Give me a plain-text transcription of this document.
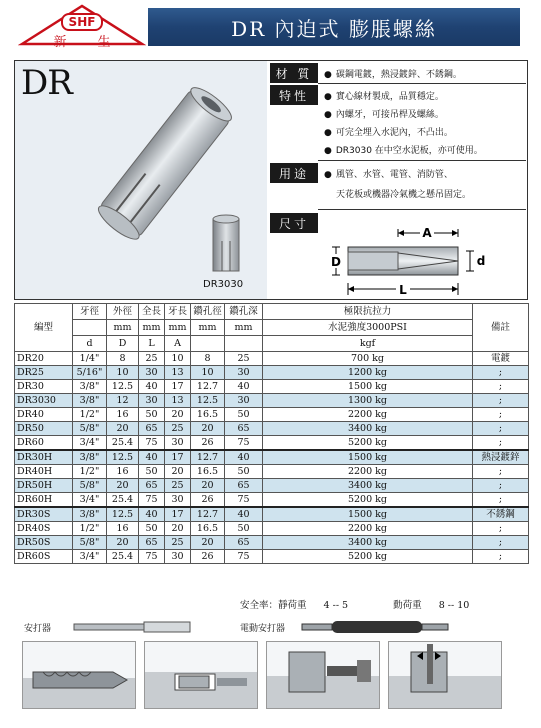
SHF
新 生
DR 內迫式 膨脹螺絲
DR
DR3030
材 質	● 碳鋼電鍍，熱浸鍍鋅、不銹鋼。
特性	● 實心線材製成，品質穩定。
● 內螺牙，可接吊桿及螺絲。
● 可完全埋入水泥內，不凸出。
● DR3030 在中空水泥板，亦可使用。
用途	● 風管、水管、電管、消防管、
天花板或機器冷氣機之懸吊固定。
尺寸
A
D	d
L
編型	牙徑	外徑	全長	牙長	鑽孔徑	鑽孔深	極限抗拉力	備註
		mm	mm	mm	mm	mm	水泥強度3000PSI	
	d	D	L	A			kgf	
DR20	1/4"	8	25	10	8	25	700 kg	電鍍
DR25	5/16"	10	30	13	10	30	1200 kg	;
DR30	3/8"	12.5	40	17	12.7	40	1500 kg	;
DR3030	3/8"	12	30	13	12.5	30	1300 kg	;
DR40	1/2"	16	50	20	16.5	50	2200 kg	;
DR50	5/8"	20	65	25	20	65	3400 kg	;
DR60	3/4"	25.4	75	30	26	75	5200 kg	;
DR30H	3/8"	12.5	40	17	12.7	40	1500 kg	熱浸鍍鋅
DR40H	1/2"	16	50	20	16.5	50	2200 kg	;
DR50H	5/8"	20	65	25	20	65	3400 kg	;
DR60H	3/4"	25.4	75	30	26	75	5200 kg	;
DR30S	3/8"	12.5	40	17	12.7	40	1500 kg	不銹鋼
DR40S	1/2"	16	50	20	16.5	50	2200 kg	;
DR50S	5/8"	20	65	25	20	65	3400 kg	;
DR60S	3/4"	25.4	75	30	26	75	5200 kg	;
安全率：靜荷重 4 -- 5	動荷重 8 -- 10
安打器	電動安打器
